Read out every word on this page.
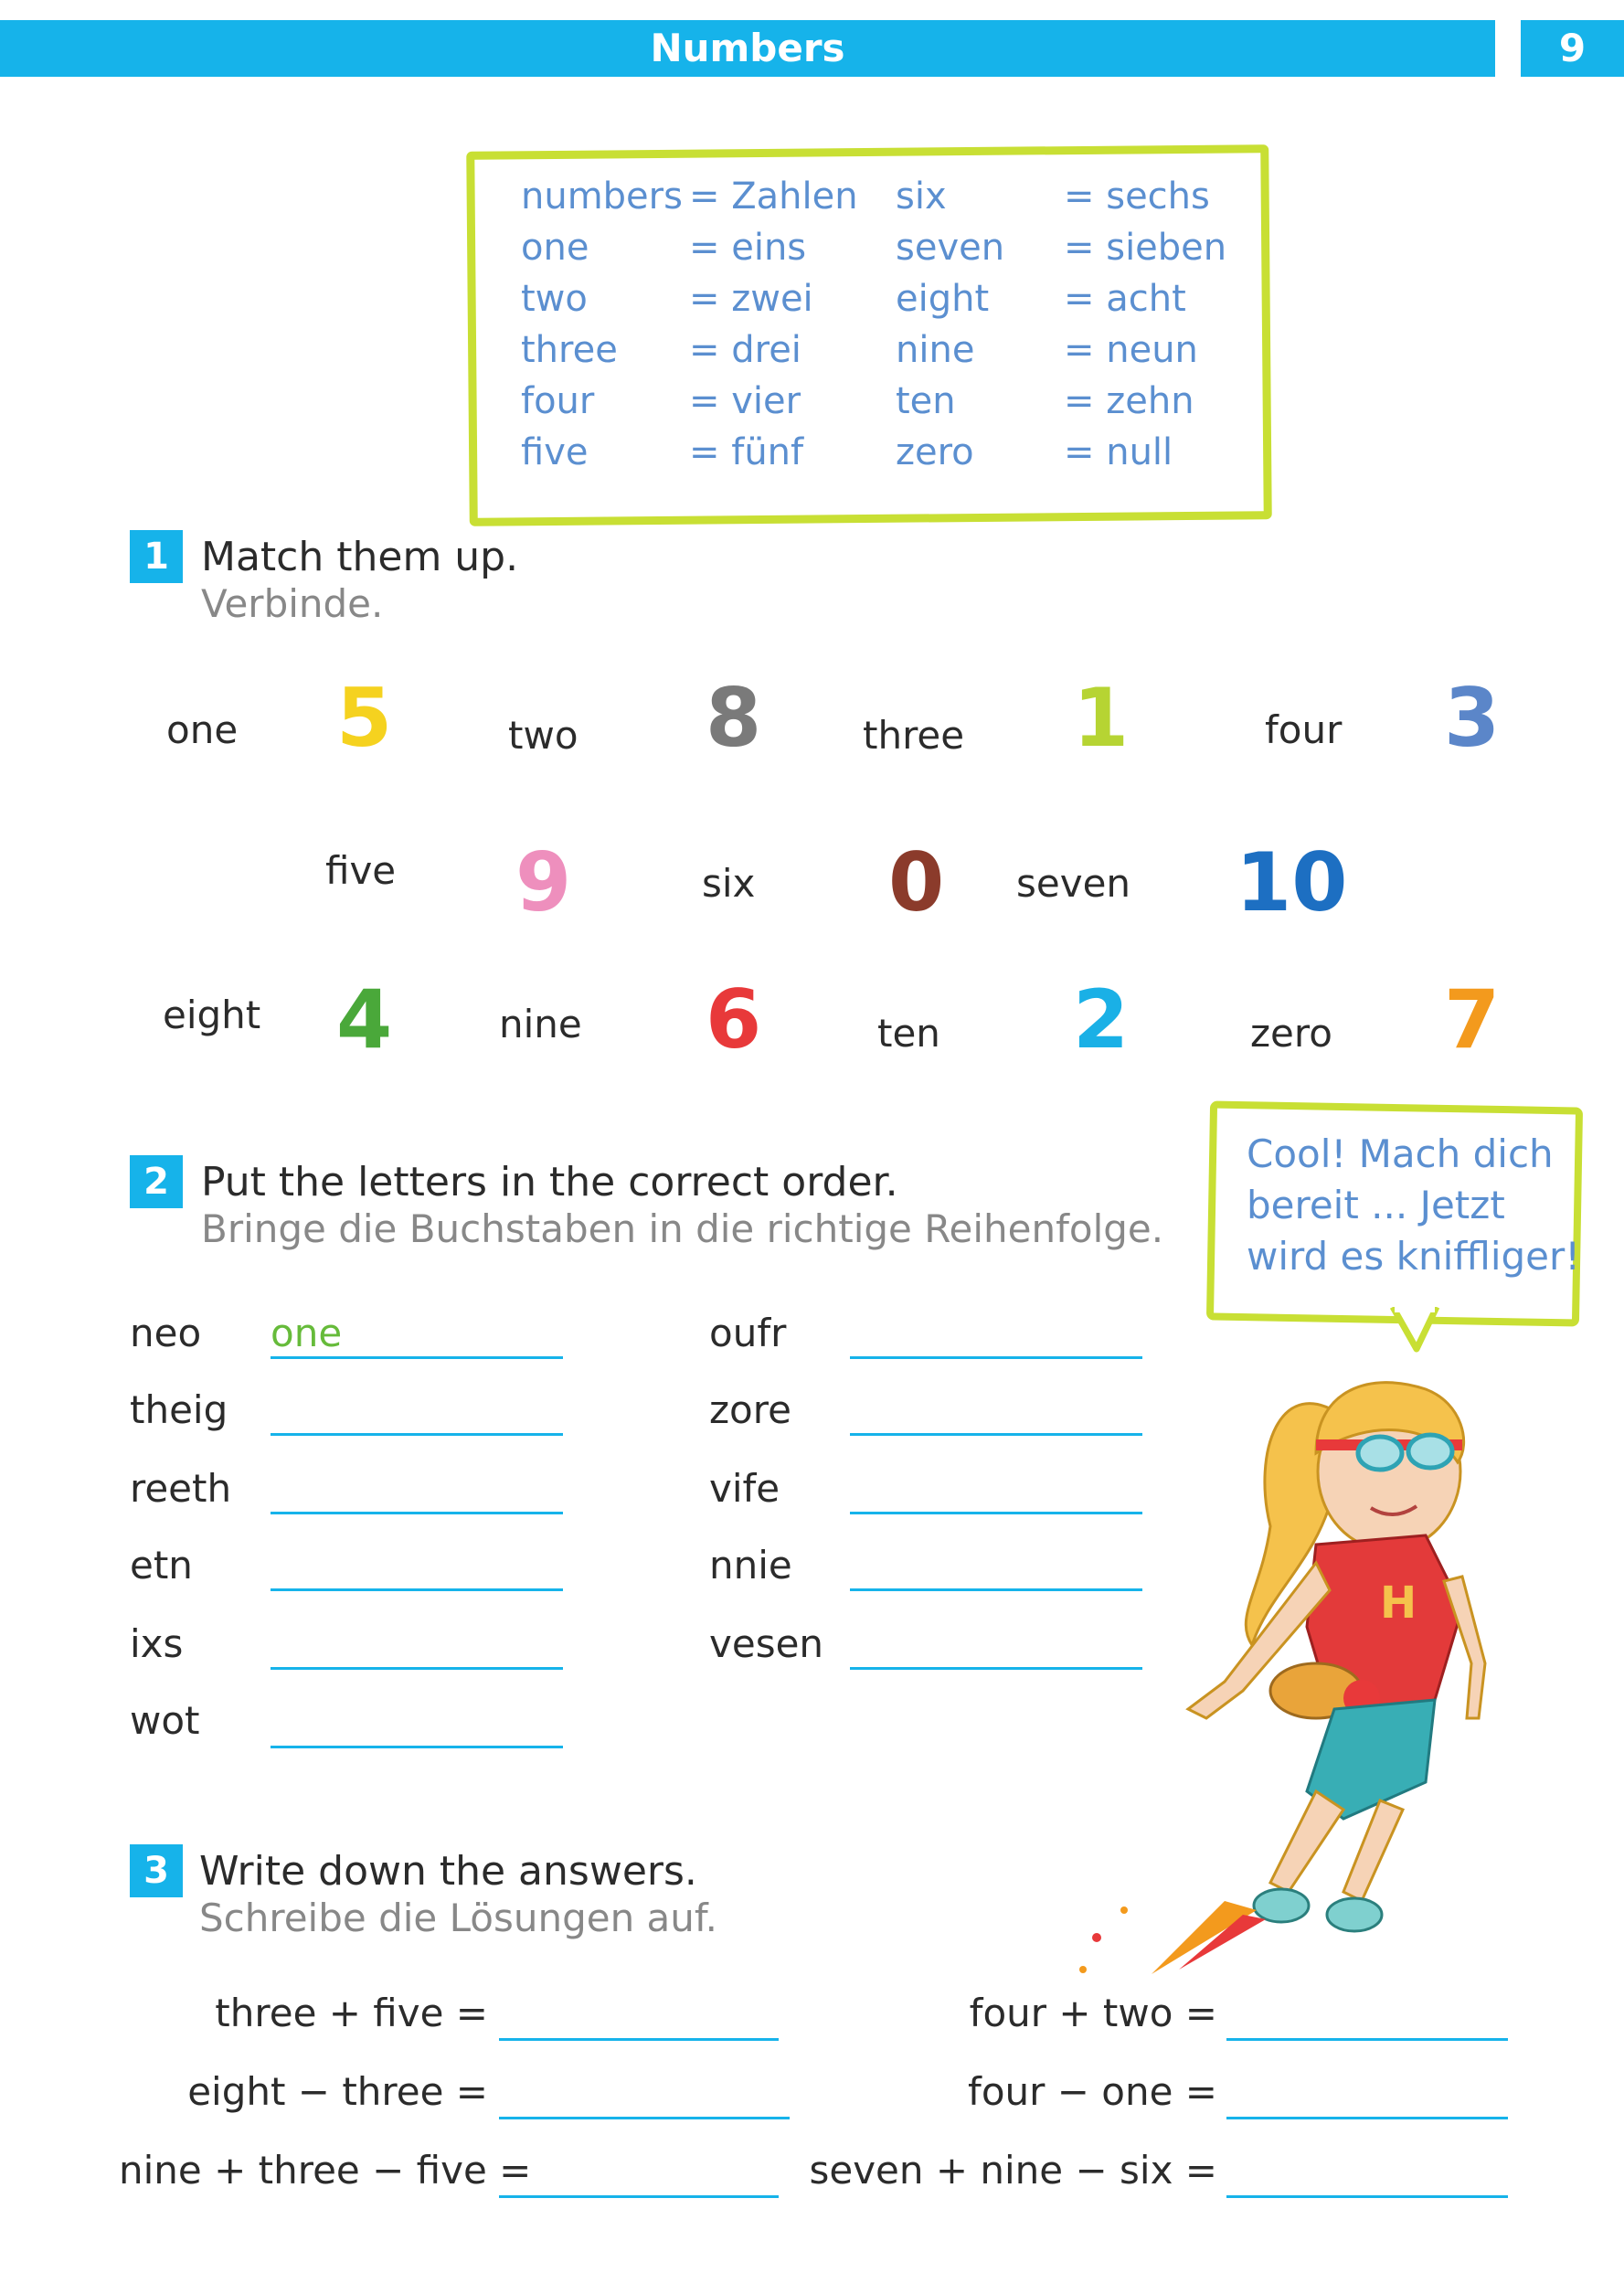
Numbers	9
numbers = Zahlen
one	= eins
two	= zwei
three = drei
four	= vier
five	= fünf
six	= sechs
seven = sieben
eight = acht
nine = neun
ten	= zehn
zero = null
1 Match them up.
Verbinde.
one 5	two 8	three 1	four 3
five 9	six 0 seven 10
eight 4	nine 6	ten 2	zero 7
2 Put the letters in the correct order.
Bringe die Buchstaben in die richtige Reihenfolge.
neo one
theig
reeth
etn
ixs
wot
oufr
zore
vife
nnie
vesen
Cool! Mach dich
bereit ... Jetzt
wird es kniffliger!
H
3 Write down the answers.
Schreibe die Lösungen auf.
three + five =
eight − three =
nine + three − five =
four + two =
four − one =
seven + nine − six =
